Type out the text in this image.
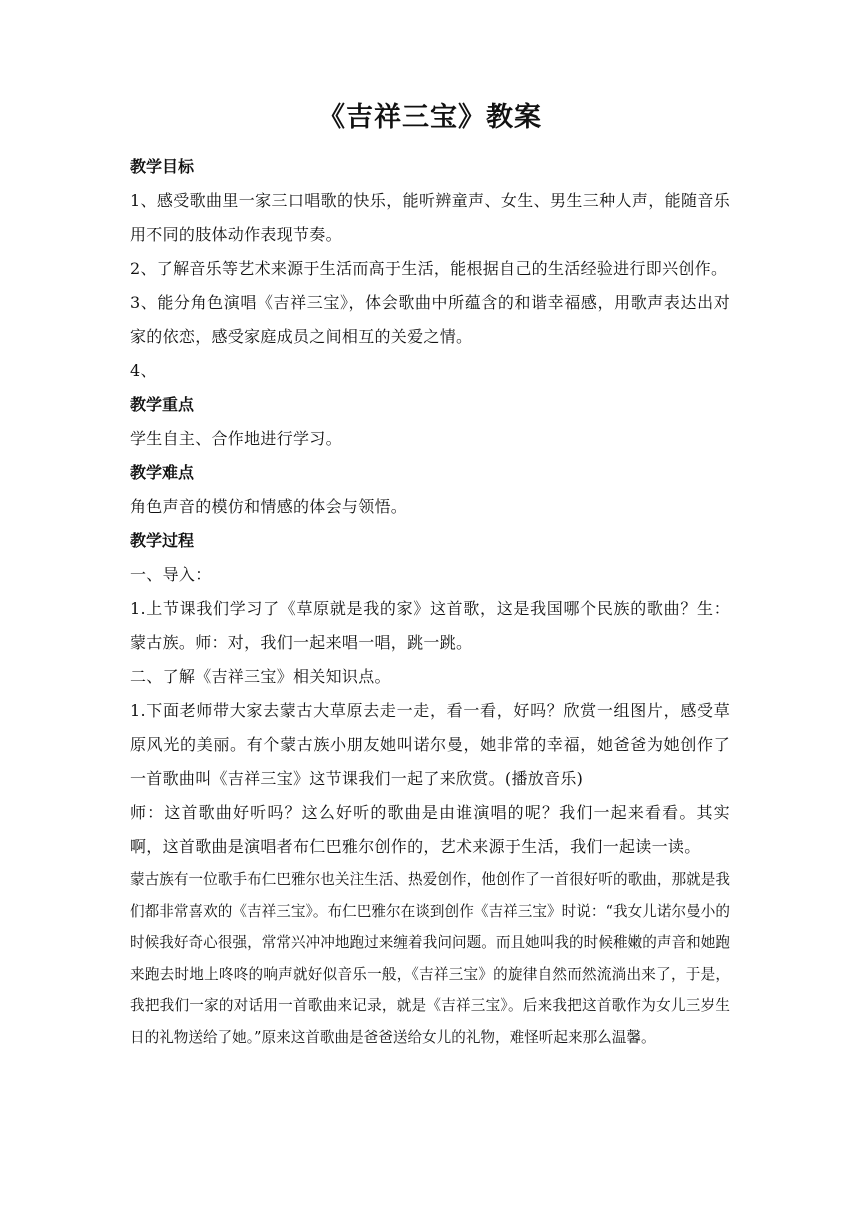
《吉祥三宝》教案

教学目标

1、感受歌曲里一家三口唱歌的快乐，能听辨童声、女生、男生三种人声，能随音乐用不同的肢体动作表现节奏。

2、了解音乐等艺术来源于生活而高于生活，能根据自己的生活经验进行即兴创作。

3、能分角色演唱《吉祥三宝》，体会歌曲中所蕴含的和谐幸福感，用歌声表达出对家的依恋，感受家庭成员之间相互的关爱之情。

4、

教学重点

学生自主、合作地进行学习。

教学难点

角色声音的模仿和情感的体会与领悟。

教学过程

一、导入：

1.上节课我们学习了《草原就是我的家》这首歌，这是我国哪个民族的歌曲？生：蒙古族。师：对，我们一起来唱一唱，跳一跳。

二、了解《吉祥三宝》相关知识点。

1.下面老师带大家去蒙古大草原去走一走，看一看，好吗？欣赏一组图片，感受草原风光的美丽。有个蒙古族小朋友她叫诺尔曼，她非常的幸福，她爸爸为她创作了一首歌曲叫《吉祥三宝》这节课我们一起了来欣赏。(播放音乐)

师：这首歌曲好听吗？这么好听的歌曲是由谁演唱的呢？我们一起来看看。其实啊，这首歌曲是演唱者布仁巴雅尔创作的，艺术来源于生活，我们一起读一读。

蒙古族有一位歌手布仁巴雅尔也关注生活、热爱创作，他创作了一首很好听的歌曲，那就是我们都非常喜欢的《吉祥三宝》。布仁巴雅尔在谈到创作《吉祥三宝》时说：“我女儿诺尔曼小的时候我好奇心很强，常常兴冲冲地跑过来缠着我问问题。而且她叫我的时候稚嫩的声音和她跑来跑去时地上咚咚的响声就好似音乐一般，《吉祥三宝》的旋律自然而然流淌出来了，于是，我把我们一家的对话用一首歌曲来记录，就是《吉祥三宝》。后来我把这首歌作为女儿三岁生日的礼物送给了她。”原来这首歌曲是爸爸送给女儿的礼物，难怪听起来那么温馨。
